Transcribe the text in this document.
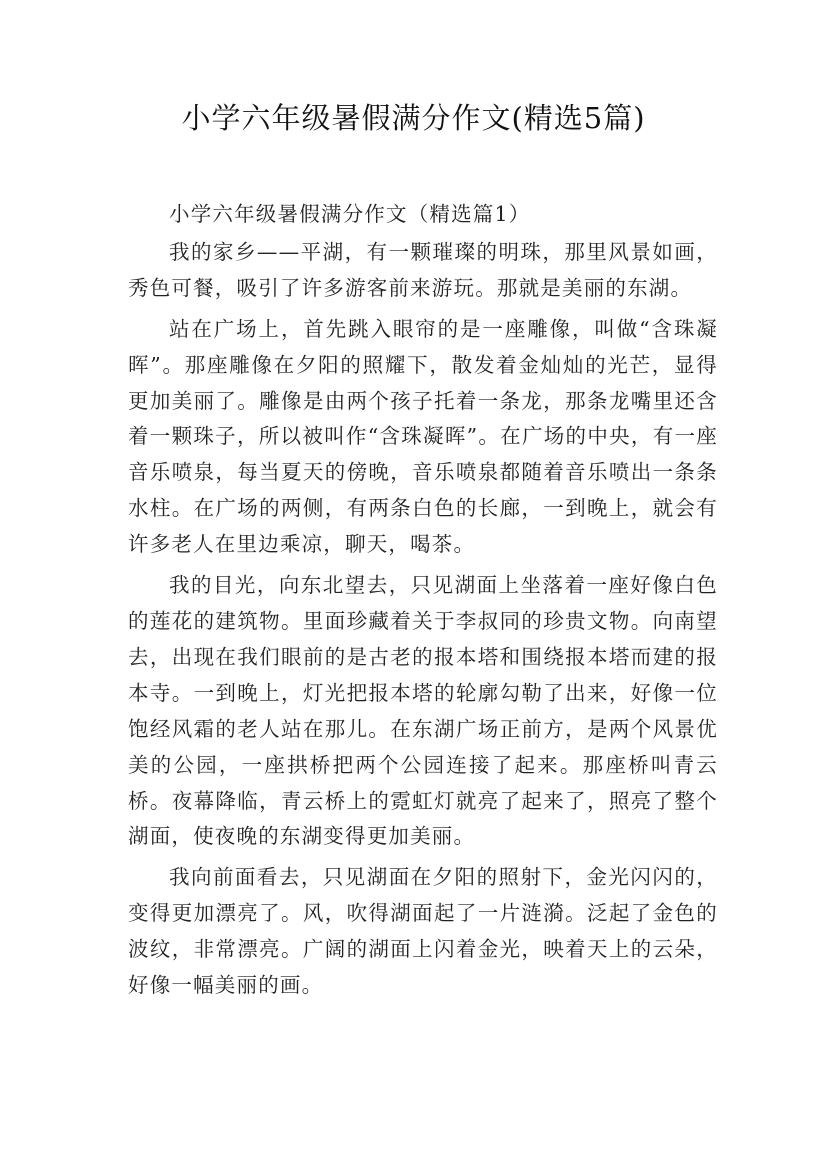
小学六年级暑假满分作文(精选5篇)

小学六年级暑假满分作文（精选篇1）

我的家乡——平湖，有一颗璀璨的明珠，那里风景如画，秀色可餐，吸引了许多游客前来游玩。那就是美丽的东湖。

站在广场上，首先跳入眼帘的是一座雕像，叫做“含珠凝晖”。那座雕像在夕阳的照耀下，散发着金灿灿的光芒，显得更加美丽了。雕像是由两个孩子托着一条龙，那条龙嘴里还含着一颗珠子，所以被叫作“含珠凝晖”。在广场的中央，有一座音乐喷泉，每当夏天的傍晚，音乐喷泉都随着音乐喷出一条条水柱。在广场的两侧，有两条白色的长廊，一到晚上，就会有许多老人在里边乘凉，聊天，喝茶。

我的目光，向东北望去，只见湖面上坐落着一座好像白色的莲花的建筑物。里面珍藏着关于李叔同的珍贵文物。向南望去，出现在我们眼前的是古老的报本塔和围绕报本塔而建的报本寺。一到晚上，灯光把报本塔的轮廓勾勒了出来，好像一位饱经风霜的老人站在那儿。在东湖广场正前方，是两个风景优美的公园，一座拱桥把两个公园连接了起来。那座桥叫青云桥。夜幕降临，青云桥上的霓虹灯就亮了起来了，照亮了整个湖面，使夜晚的东湖变得更加美丽。

我向前面看去，只见湖面在夕阳的照射下，金光闪闪的，变得更加漂亮了。风，吹得湖面起了一片涟漪。泛起了金色的波纹，非常漂亮。广阔的湖面上闪着金光，映着天上的云朵，好像一幅美丽的画。
